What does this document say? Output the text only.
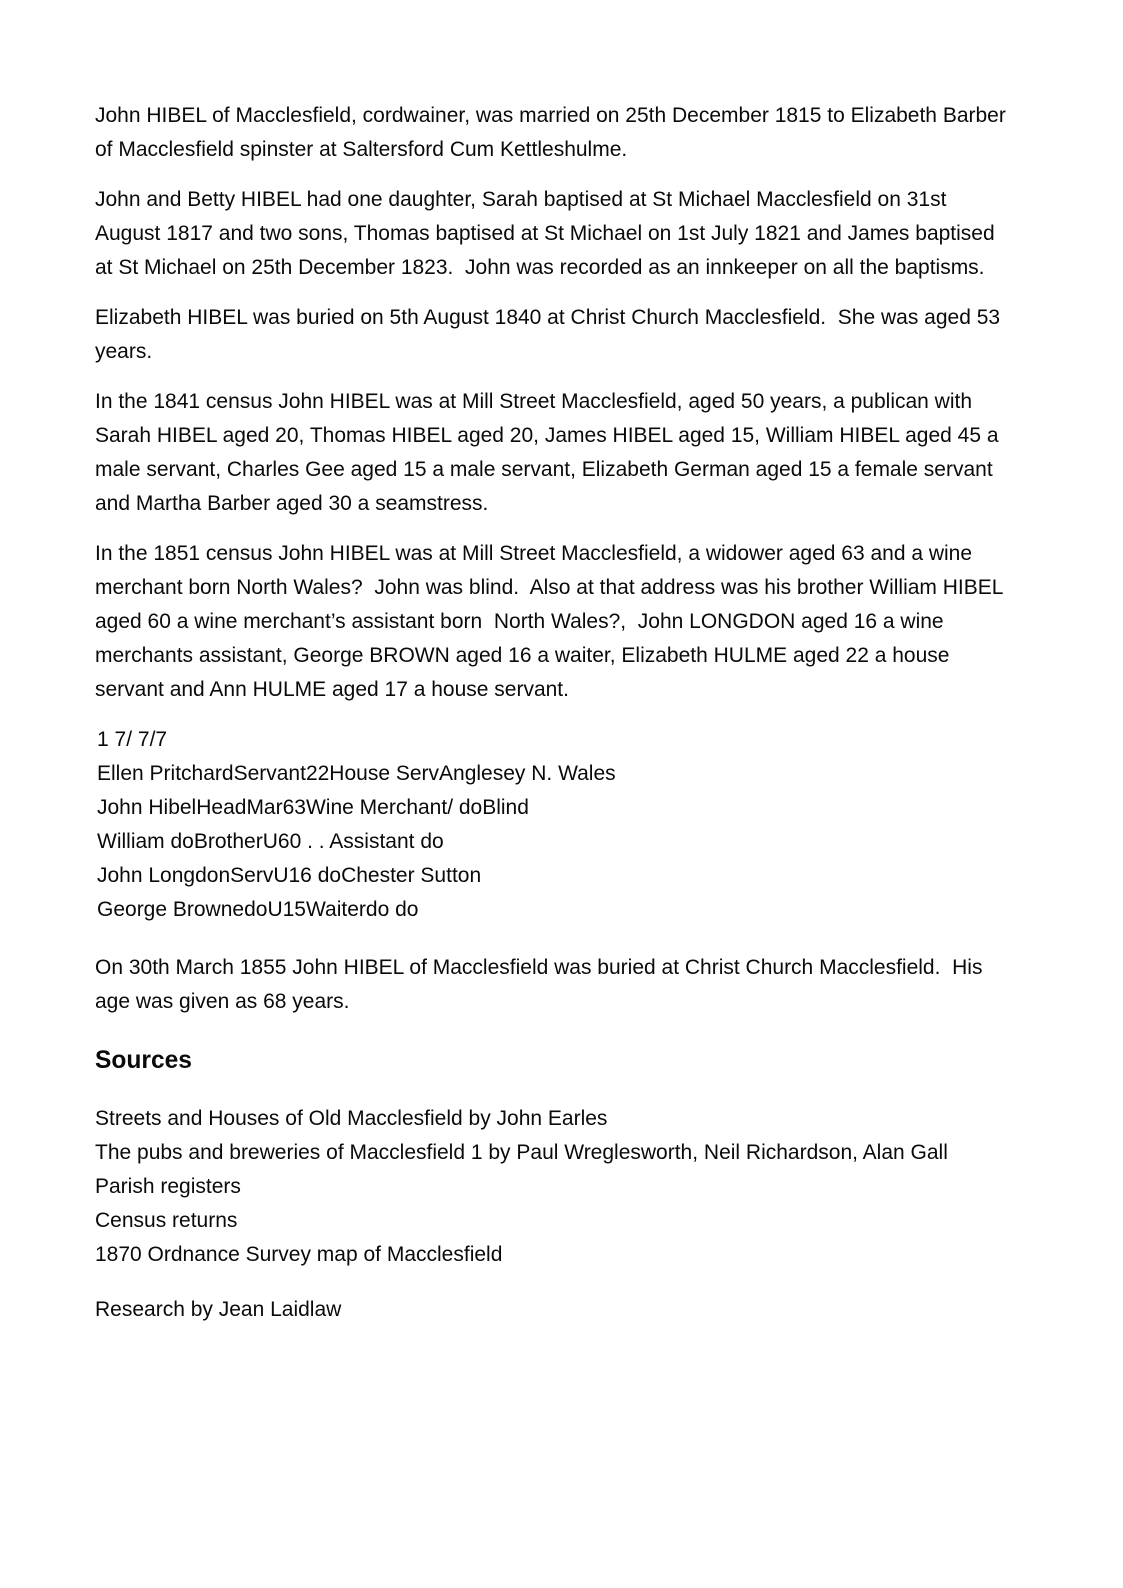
John HIBEL of Macclesfield, cordwainer, was married on 25th December 1815 to Elizabeth Barber of Macclesfield spinster at Saltersford Cum Kettleshulme.

John and Betty HIBEL had one daughter, Sarah baptised at St Michael Macclesfield on 31st August 1817 and two sons, Thomas baptised at St Michael on 1st July 1821 and James baptised at St Michael on 25th December 1823.  John was recorded as an innkeeper on all the baptisms.

Elizabeth HIBEL was buried on 5th August 1840 at Christ Church Macclesfield.  She was aged 53 years.

In the 1841 census John HIBEL was at Mill Street Macclesfield, aged 50 years, a publican with Sarah HIBEL aged 20, Thomas HIBEL aged 20, James HIBEL aged 15, William HIBEL aged 45 a male servant, Charles Gee aged 15 a male servant, Elizabeth German aged 15 a female servant and Martha Barber aged 30 a seamstress.

In the 1851 census John HIBEL was at Mill Street Macclesfield, a widower aged 63 and a wine merchant born North Wales?  John was blind.  Also at that address was his brother William HIBEL aged 60 a wine merchant’s assistant born  North Wales?,  John LONGDON aged 16 a wine merchants assistant, George BROWN aged 16 a waiter, Elizabeth HULME aged 22 a house servant and Ann HULME aged 17 a house servant.

1 7/ 7/7
Ellen PritchardServant22House ServAnglesey N. Wales
John HibelHeadMar63Wine Merchant/ doBlind
William doBrotherU60 . . Assistant do
John LongdonServU16 doChester Sutton
George BrownedoU15Waiterdo do

On 30th March 1855 John HIBEL of Macclesfield was buried at Christ Church Macclesfield.  His age was given as 68 years.

Sources
Streets and Houses of Old Macclesfield by John Earles
The pubs and breweries of Macclesfield 1 by Paul Wreglesworth, Neil Richardson, Alan Gall
Parish registers
Census returns
1870 Ordnance Survey map of Macclesfield

Research by Jean Laidlaw
